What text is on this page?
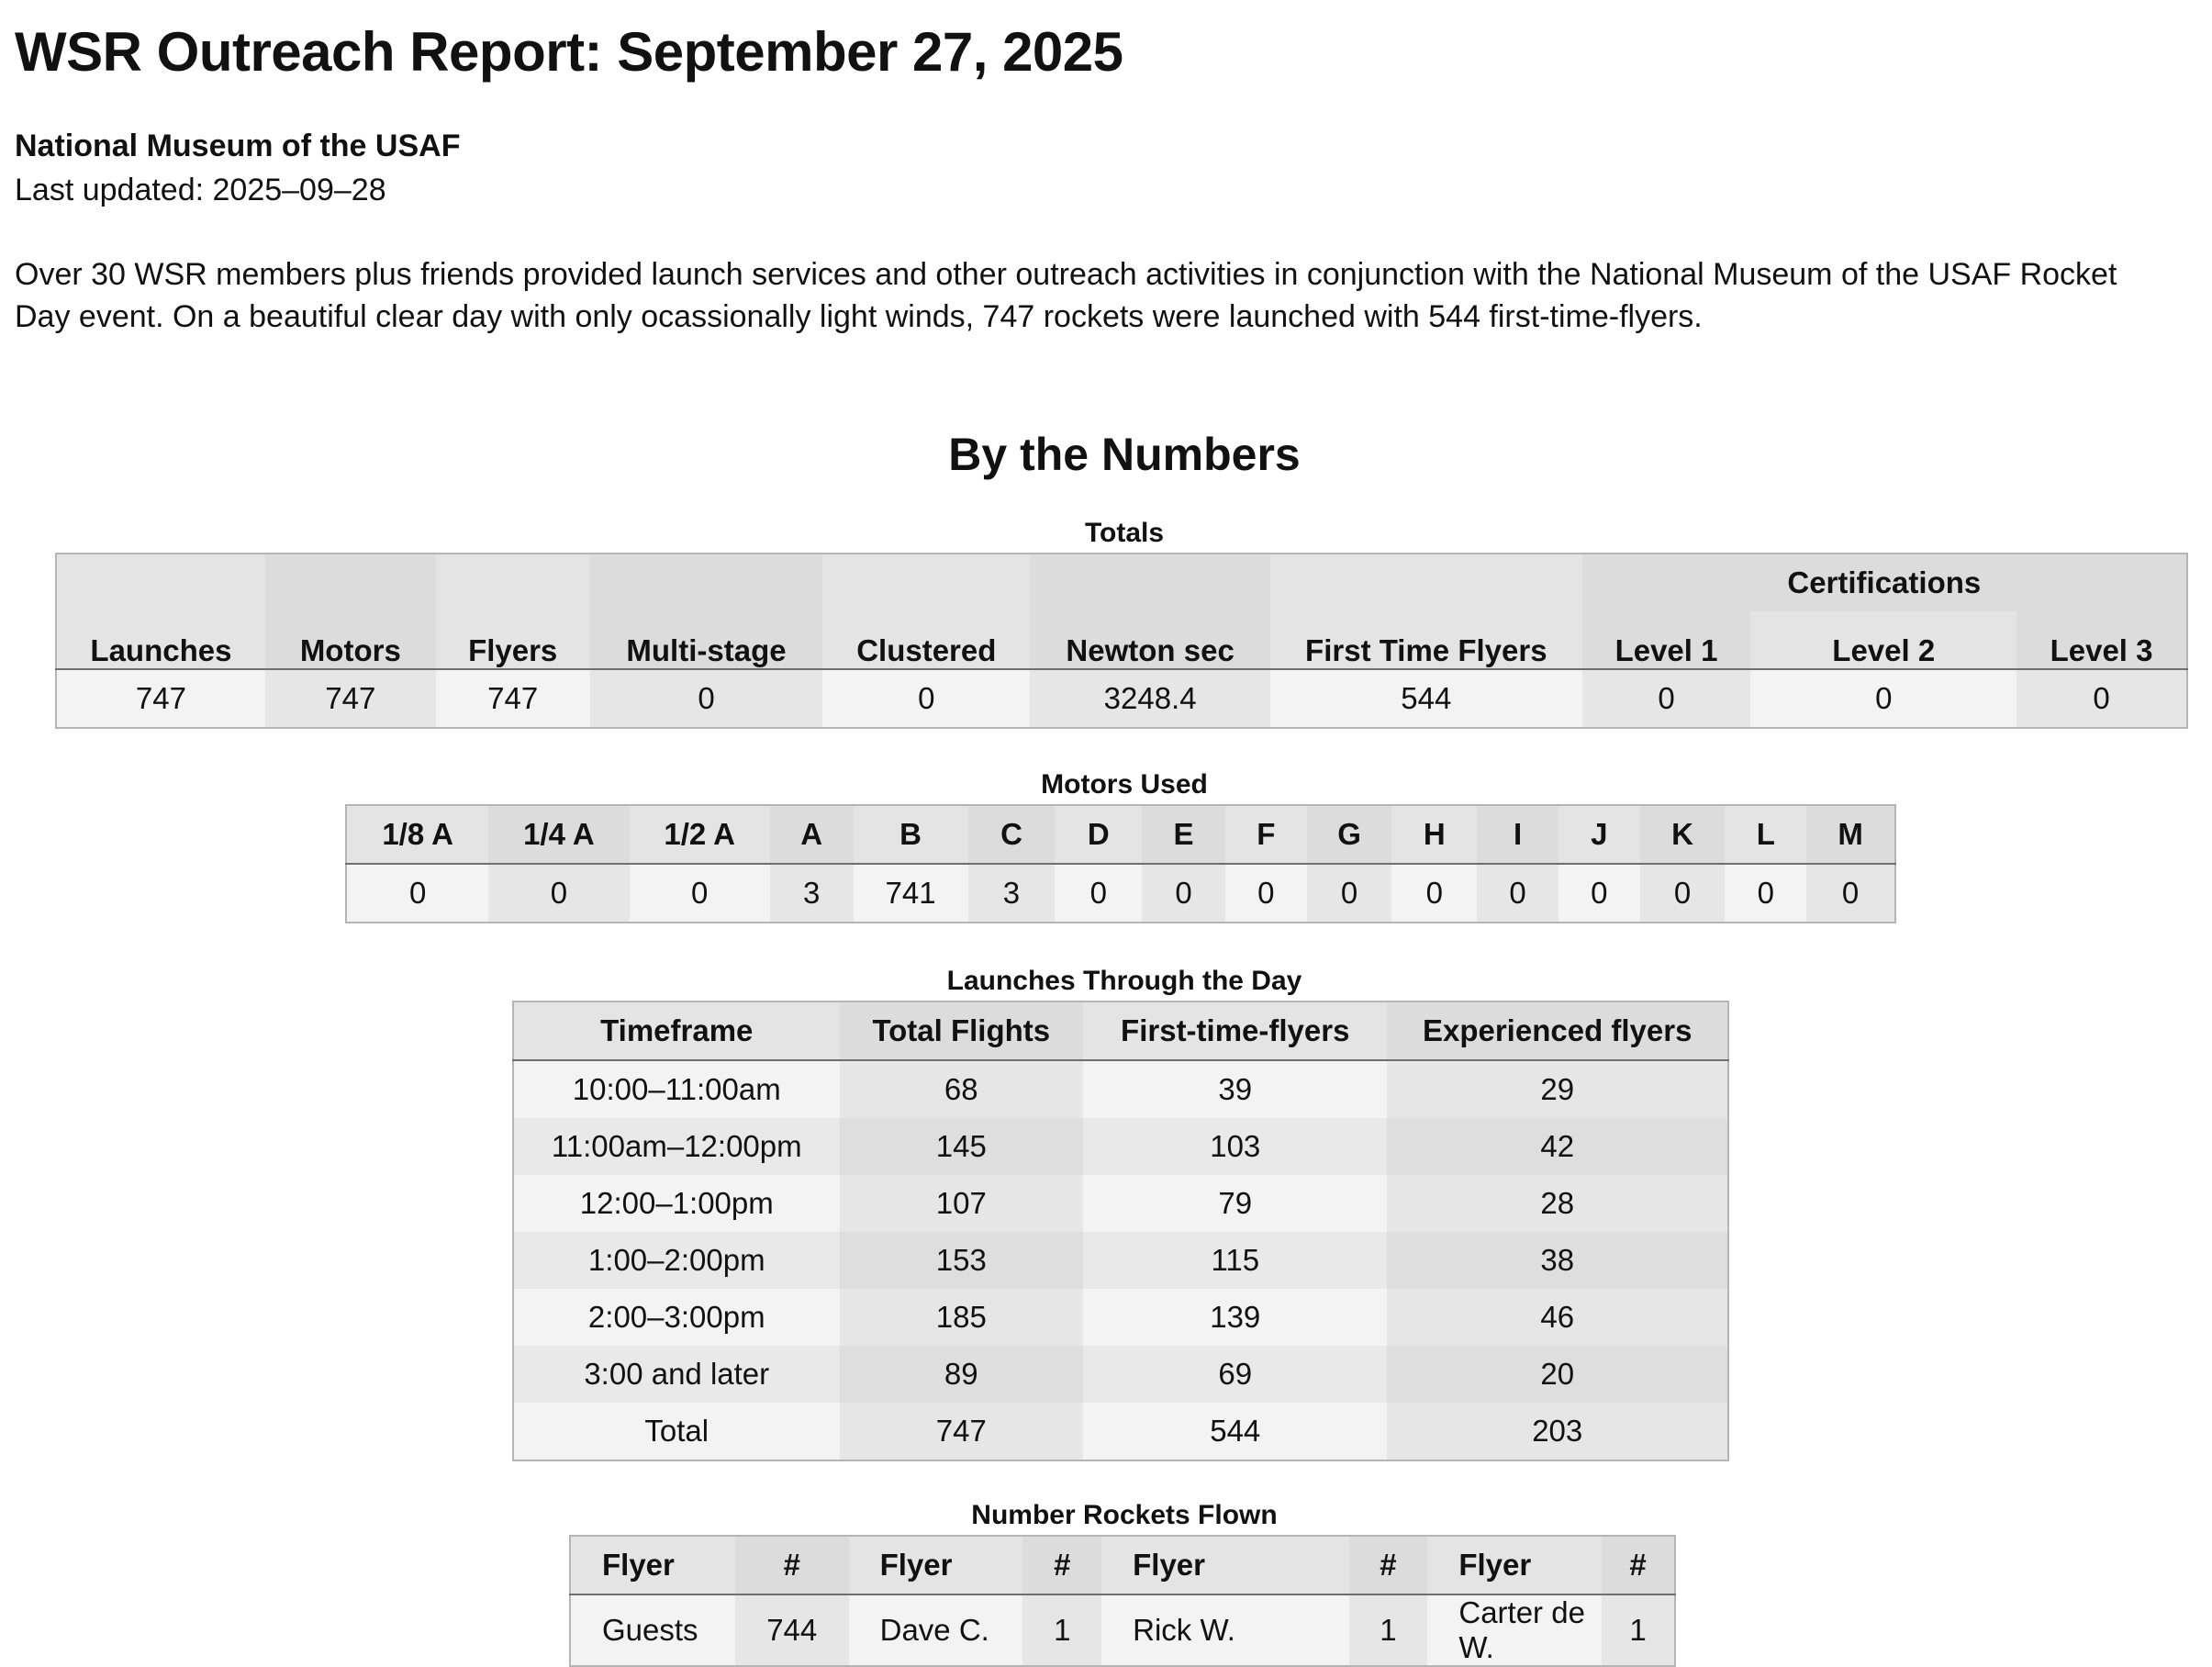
WSR Outreach Report: September 27, 2025
National Museum of the USAF
Last updated: 2025–09–28

Over 30 WSR members plus friends provided launch services and other outreach activities in conjunction with the National Museum of the USAF Rocket Day event. On a beautiful clear day with only ocassionally light winds, 747 rockets were launched with 544 first-time-flyers.

By the Numbers
Totals
							Certifications		
Launches	Motors	Flyers	Multi-stage	Clustered	Newton sec	First Time Flyers	Level 1	Level 2	Level 3
747	747	747	0	0	3248.4	544	0	0	0
Motors Used
1/8 A	1/4 A	1/2 A	A	B	C	D	E	F	G	H	I	J	K	L	M
0	0	0	3	741	3	0	0	0	0	0	0	0	0	0	0
Launches Through the Day
Timeframe	Total Flights	First-time-flyers	Experienced flyers
10:00–11:00am	68	39	29
11:00am–12:00pm	145	103	42
12:00–1:00pm	107	79	28
1:00–2:00pm	153	115	38
2:00–3:00pm	185	139	46
3:00 and later	89	69	20
Total	747	544	203
Number Rockets Flown
Flyer	#	Flyer	#	Flyer	#	Flyer	#
Guests	744	Dave C.	1	Rick W.	1	Carter de W.	1
